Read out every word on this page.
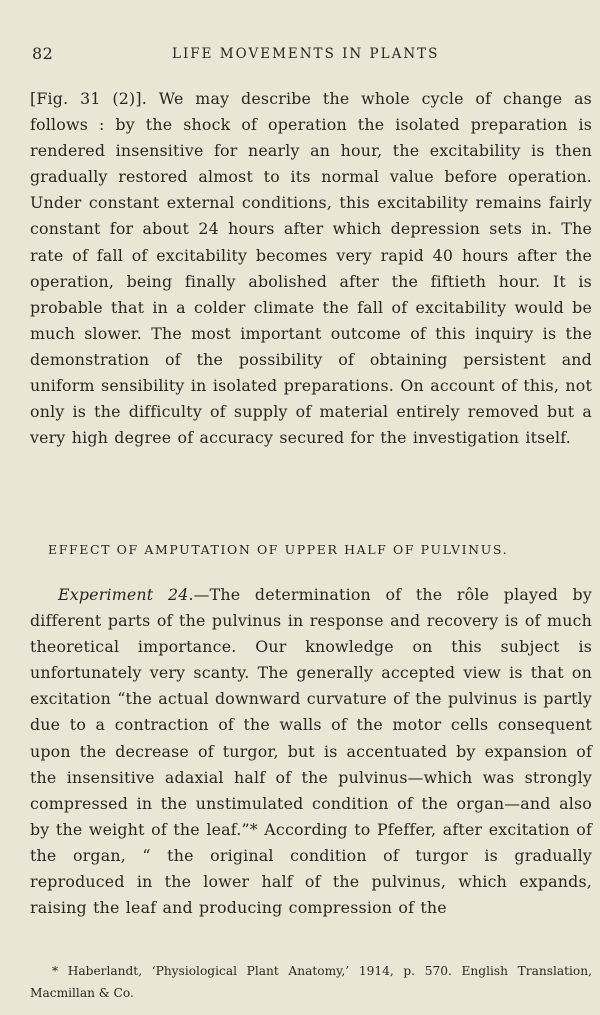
82	LIFE MOVEMENTS IN PLANTS

[Fig. 31 (2)]. We may describe the whole cycle of change as follows : by the shock of operation the isolated preparation is rendered insensitive for nearly an hour, the excitability is then gradually restored almost to its normal value before operation. Under constant external conditions, this excitability remains fairly constant for about 24 hours after which depression sets in. The rate of fall of excitability becomes very rapid 40 hours after the operation, being finally abolished after the fiftieth hour. It is probable that in a colder climate the fall of excitability would be much slower. The most important outcome of this inquiry is the demonstration of the possibility of obtaining persistent and uniform sensibility in isolated preparations. On account of this, not only is the difficulty of supply of material entirely removed but a very high degree of accuracy secured for the investigation itself.

EFFECT OF AMPUTATION OF UPPER HALF OF PULVINUS.

Experiment 24.—The determination of the rôle played by different parts of the pulvinus in response and recovery is of much theoretical importance. Our knowledge on this subject is unfortunately very scanty. The generally accepted view is that on excitation “the actual downward curvature of the pulvinus is partly due to a contraction of the walls of the motor cells consequent upon the decrease of turgor, but is accentuated by expansion of the insensitive adaxial half of the pulvinus—which was strongly compressed in the unstimulated condition of the organ—and also by the weight of the leaf.”* According to Pfeffer, after excitation of the organ, “ the original condition of turgor is gradually reproduced in the lower half of the pulvinus, which expands, raising the leaf and producing compression of the

* Haberlandt, ‘Physiological Plant Anatomy,’ 1914, p. 570. English Translation, Macmillan & Co.
